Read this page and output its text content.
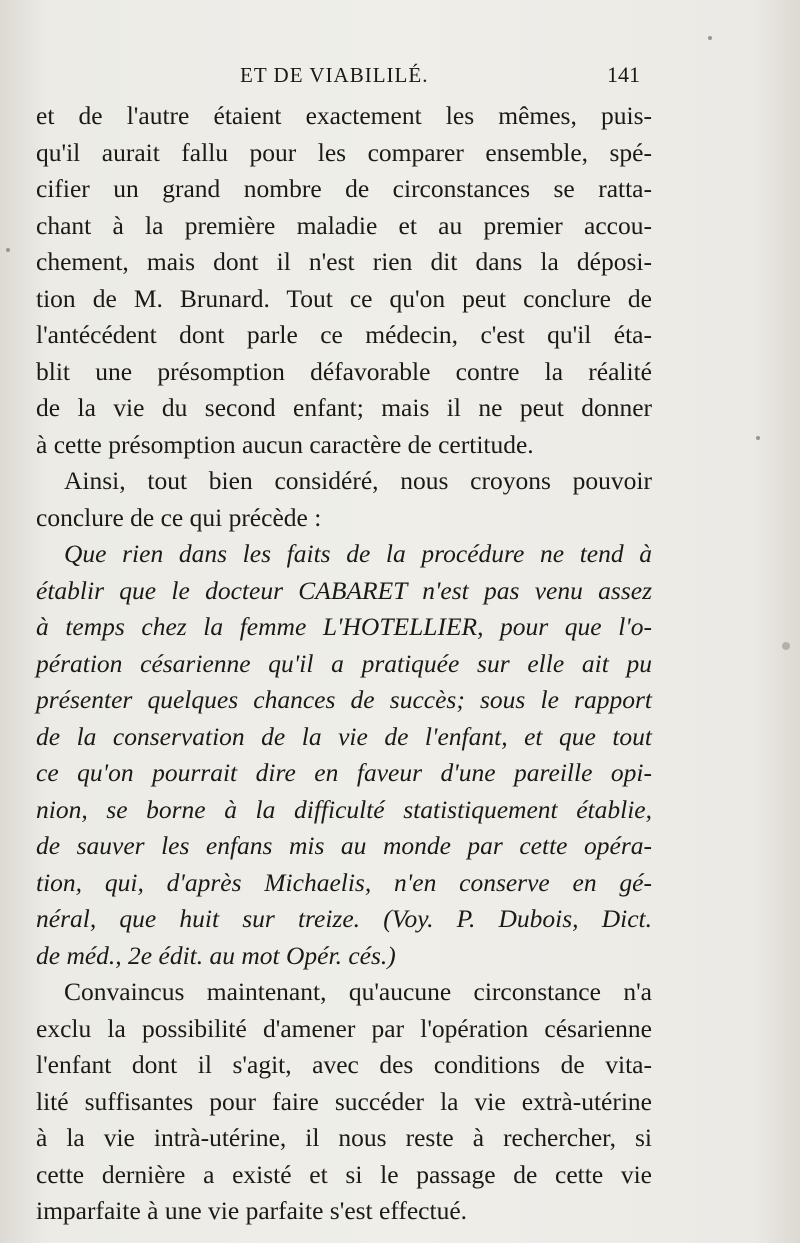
ET DE VIABILILÉ.	141
et de l'autre étaient exactement les mêmes, puis-
qu'il aurait fallu pour les comparer ensemble, spé-
cifier un grand nombre de circonstances se ratta-
chant à la première maladie et au premier accou-
chement, mais dont il n'est rien dit dans la déposi-
tion de M. Brunard. Tout ce qu'on peut conclure de
l'antécédent dont parle ce médecin, c'est qu'il éta-
blit une présomption défavorable contre la réalité
de la vie du second enfant; mais il ne peut donner
à cette présomption aucun caractère de certitude.
Ainsi, tout bien considéré, nous croyons pouvoir
conclure de ce qui précède :
Que rien dans les faits de la procédure ne tend à
établir que le docteur CABARET n'est pas venu assez
à temps chez la femme L'HOTELLIER, pour que l'o-
pération césarienne qu'il a pratiquée sur elle ait pu
présenter quelques chances de succès; sous le rapport
de la conservation de la vie de l'enfant, et que tout
ce qu'on pourrait dire en faveur d'une pareille opi-
nion, se borne à la difficulté statistiquement établie,
de sauver les enfans mis au monde par cette opéra-
tion, qui, d'après Michaelis, n'en conserve en gé-
néral, que huit sur treize. (Voy. P. Dubois, Dict.
de méd., 2e édit. au mot Opér. cés.)
Convaincus maintenant, qu'aucune circonstance n'a
exclu la possibilité d'amener par l'opération césarienne
l'enfant dont il s'agit, avec des conditions de vita-
lité suffisantes pour faire succéder la vie extrà-utérine
à la vie intrà-utérine, il nous reste à rechercher, si
cette dernière a existé et si le passage de cette vie
imparfaite à une vie parfaite s'est effectué.
